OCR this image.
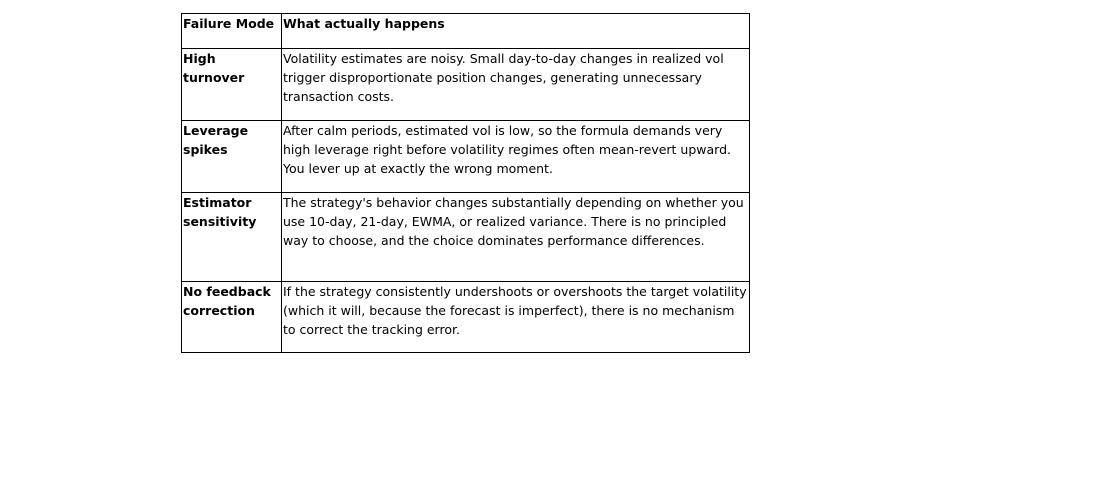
Failure Mode	What actually happens
High turnover	Volatility estimates are noisy. Small day-to-day changes in realized vol trigger disproportionate position changes, generating unnecessary transaction costs.
Leverage spikes	After calm periods, estimated vol is low, so the formula demands very high leverage right before volatility regimes often mean-revert upward. You lever up at exactly the wrong moment.
Estimator sensitivity	The strategy's behavior changes substantially depending on whether you use 10-day, 21-day, EWMA, or realized variance. There is no principled way to choose, and the choice dominates performance differences.
No feedback correction	If the strategy consistently undershoots or overshoots the target volatility (which it will, because the forecast is imperfect), there is no mechanism to correct the tracking error.
